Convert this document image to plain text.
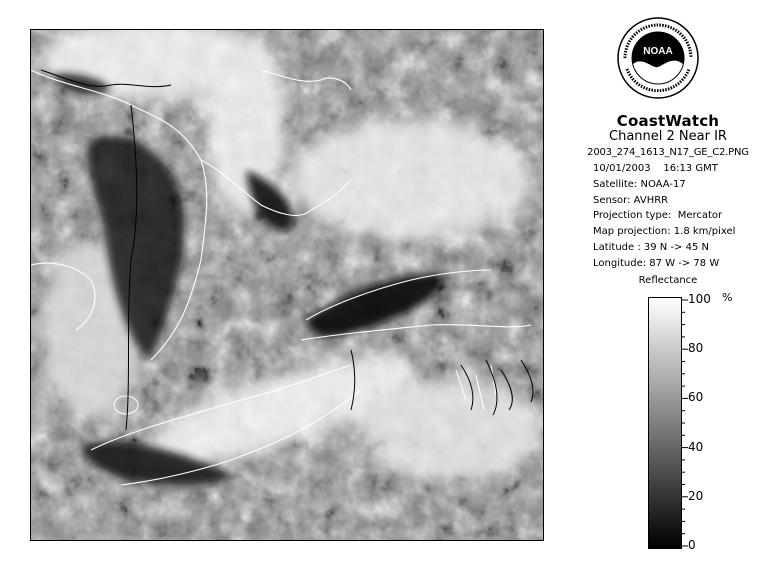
NOAA
CoastWatch
Channel 2 Near IR
2003_274_1613_N17_GE_C2.PNG
10/01/2003    16:13 GMT
Satellite: NOAA-17
Sensor: AVHRR
Projection type:  Mercator
Map projection: 1.8 km/pixel
Latitude : 39 N -> 45 N
Longitude: 87 W -> 78 W
Reflectance
100
80
60
40
20
0
%
